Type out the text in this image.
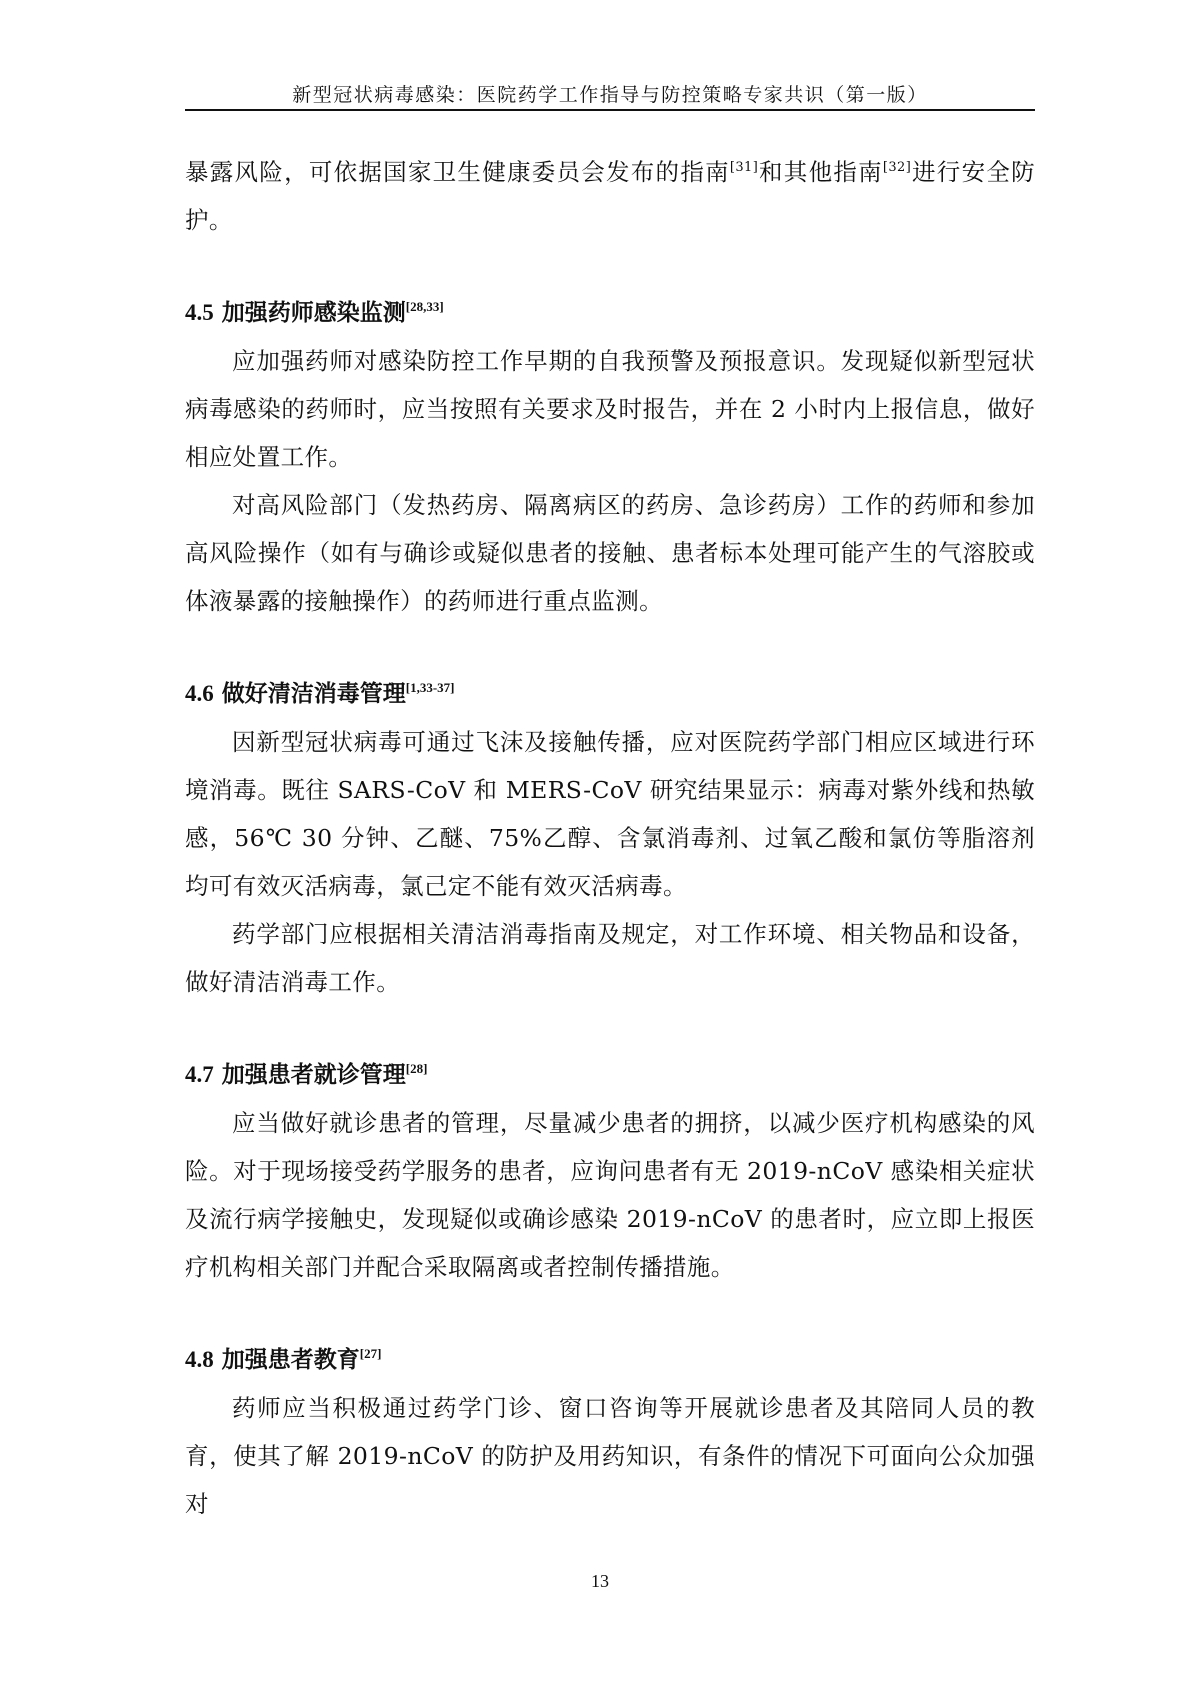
新型冠状病毒感染：医院药学工作指导与防控策略专家共识（第一版）

暴露风险，可依据国家卫生健康委员会发布的指南[31]和其他指南[32]进行安全防护。

4.5 加强药师感染监测[28,33]

应加强药师对感染防控工作早期的自我预警及预报意识。发现疑似新型冠状病毒感染的药师时，应当按照有关要求及时报告，并在 2 小时内上报信息，做好相应处置工作。

对高风险部门（发热药房、隔离病区的药房、急诊药房）工作的药师和参加高风险操作（如有与确诊或疑似患者的接触、患者标本处理可能产生的气溶胶或体液暴露的接触操作）的药师进行重点监测。

4.6 做好清洁消毒管理[1,33-37]

因新型冠状病毒可通过飞沫及接触传播，应对医院药学部门相应区域进行环境消毒。既往 SARS-CoV 和 MERS-CoV 研究结果显示：病毒对紫外线和热敏感，56℃ 30 分钟、乙醚、75%乙醇、含氯消毒剂、过氧乙酸和氯仿等脂溶剂均可有效灭活病毒，氯己定不能有效灭活病毒。

药学部门应根据相关清洁消毒指南及规定，对工作环境、相关物品和设备，做好清洁消毒工作。

4.7 加强患者就诊管理[28]

应当做好就诊患者的管理，尽量减少患者的拥挤，以减少医疗机构感染的风险。对于现场接受药学服务的患者，应询问患者有无 2019-nCoV 感染相关症状及流行病学接触史，发现疑似或确诊感染 2019-nCoV 的患者时，应立即上报医疗机构相关部门并配合采取隔离或者控制传播措施。

4.8 加强患者教育[27]

药师应当积极通过药学门诊、窗口咨询等开展就诊患者及其陪同人员的教育，使其了解 2019-nCoV 的防护及用药知识，有条件的情况下可面向公众加强对

13
